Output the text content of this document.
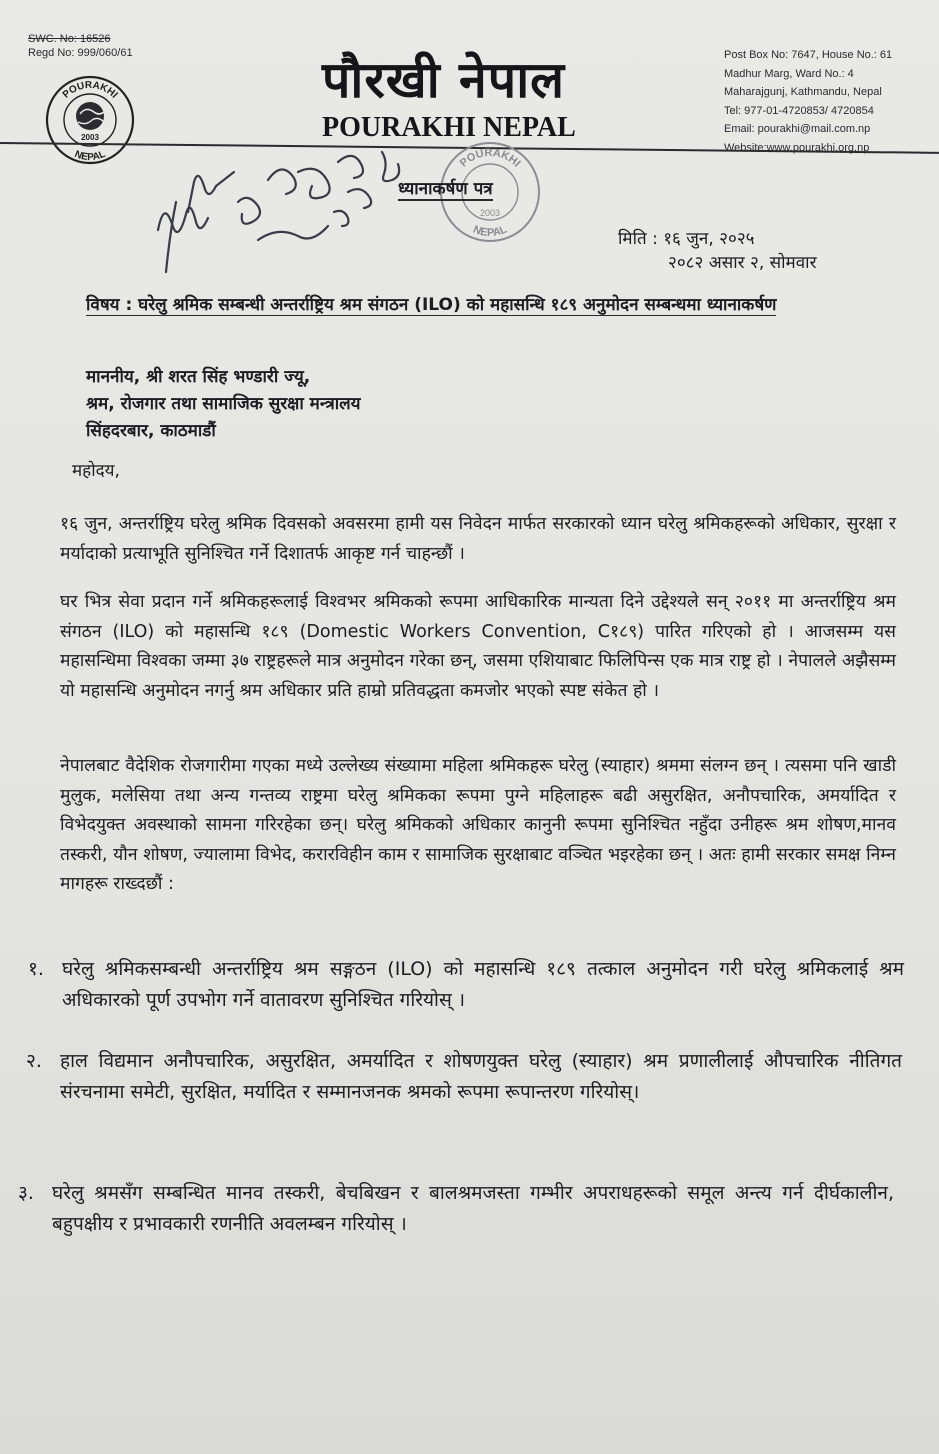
SWC. No: 16526
Regd No: 999/060/61
POURAKHI
2003
NEPAL
पौरखी नेपाल
POURAKHI NEPAL
Post Box No: 7647, House No.: 61
Madhur Marg, Ward No.: 4
Maharajgunj, Kathmandu, Nepal
Tel: 977-01-4720853/ 4720854
Email: pourakhi@mail.com.np
Website:www.pourakhi.org.np
POURAKHI
2003
NEPAL
ध्यानाकर्षण पत्र
मिति : १६ जुन, २०२५
२०८२ असार २, सोमवार
विषय : घरेलु श्रमिक सम्बन्धी अन्तर्राष्ट्रिय श्रम संगठन (ILO) को महासन्धि १८९ अनुमोदन सम्बन्धमा ध्यानाकर्षण
माननीय, श्री शरत सिंह भण्डारी ज्यू,
श्रम, रोजगार तथा सामाजिक सुरक्षा मन्त्रालय
सिंहदरबार, काठमाडौं
महोदय,
१६ जुन, अन्तर्राष्ट्रिय घरेलु श्रमिक दिवसको अवसरमा हामी यस निवेदन मार्फत सरकारको ध्यान घरेलु श्रमिकहरूको अधिकार, सुरक्षा र मर्यादाको प्रत्याभूति सुनिश्चित गर्ने दिशातर्फ आकृष्ट गर्न चाहन्छौं ।
घर भित्र सेवा प्रदान गर्ने श्रमिकहरूलाई विश्वभर श्रमिकको रूपमा आधिकारिक मान्यता दिने उद्देश्यले सन् २०११ मा अन्तर्राष्ट्रिय श्रम संगठन (ILO) को महासन्धि १८९ (Domestic Workers Convention, C१८९) पारित गरिएको हो । आजसम्म यस महासन्धिमा विश्वका जम्मा ३७ राष्ट्रहरूले मात्र अनुमोदन गरेका छन्, जसमा एशियाबाट फिलिपिन्स एक मात्र राष्ट्र हो । नेपालले अझैसम्म यो महासन्धि अनुमोदन नगर्नु श्रम अधिकार प्रति हाम्रो प्रतिवद्धता कमजोर भएको स्पष्ट संकेत हो ।
नेपालबाट वैदेशिक रोजगारीमा गएका मध्ये उल्लेख्य संख्यामा महिला श्रमिकहरू घरेलु (स्याहार) श्रममा संलग्न छन् । त्यसमा पनि खाडी मुलुक, मलेसिया तथा अन्य गन्तव्य राष्ट्रमा घरेलु श्रमिकका रूपमा पुग्ने महिलाहरू बढी असुरक्षित, अनौपचारिक, अमर्यादित र विभेदयुक्त अवस्थाको सामना गरिरहेका छन्। घरेलु श्रमिकको अधिकार कानुनी रूपमा सुनिश्चित नहुँदा उनीहरू श्रम शोषण,मानव तस्करी, यौन शोषण, ज्यालामा विभेद, करारविहीन काम र सामाजिक सुरक्षाबाट वञ्चित भइरहेका छन् । अतः हामी सरकार समक्ष निम्न मागहरू राख्दछौं :
१. घरेलु श्रमिकसम्बन्धी अन्तर्राष्ट्रिय श्रम सङ्गठन (ILO) को महासन्धि १८९ तत्काल अनुमोदन गरी घरेलु श्रमिकलाई श्रम अधिकारको पूर्ण उपभोग गर्ने वातावरण सुनिश्चित गरियोस् ।
२. हाल विद्यमान अनौपचारिक, असुरक्षित, अमर्यादित र शोषणयुक्त घरेलु (स्याहार) श्रम प्रणालीलाई औपचारिक नीतिगत संरचनामा समेटी, सुरक्षित, मर्यादित र सम्मानजनक श्रमको रूपमा रूपान्तरण गरियोस्।
३. घरेलु श्रमसँग सम्बन्धित मानव तस्करी, बेचबिखन र बालश्रमजस्ता गम्भीर अपराधहरूको समूल अन्त्य गर्न दीर्घकालीन, बहुपक्षीय र प्रभावकारी रणनीति अवलम्बन गरियोस् ।
